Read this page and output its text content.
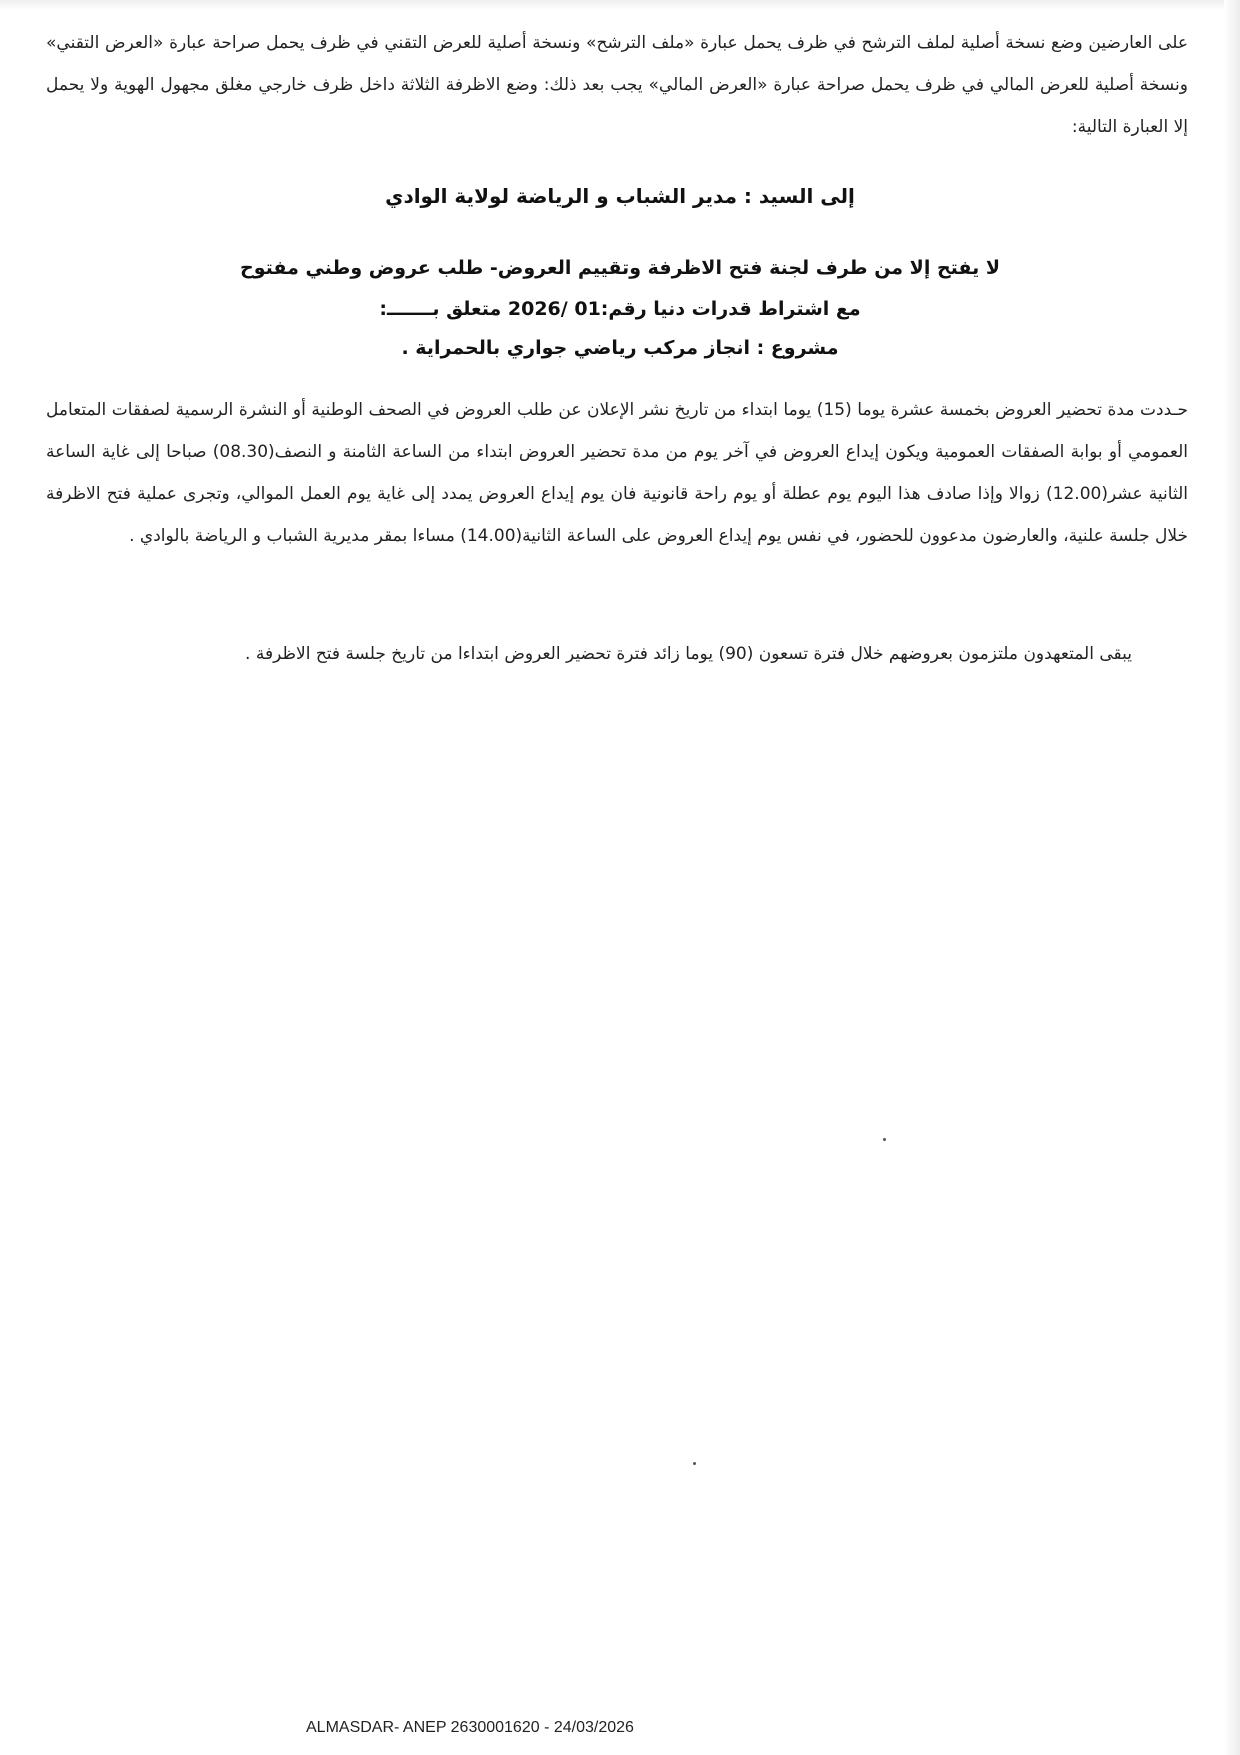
على العارضين وضع نسخة أصلية لملف الترشح في ظرف يحمل عبارة «ملف الترشح» ونسخة أصلية للعرض التقني في ظرف يحمل صراحة عبارة «العرض التقني» ونسخة أصلية للعرض المالي في ظرف يحمل صراحة عبارة «العرض المالي» يجب بعد ذلك: وضع الاظرفة الثلاثة داخل ظرف خارجي مغلق مجهول الهوية ولا يحمل إلا العبارة التالية:

إلى السيد : مدير الشباب و الرياضة لولاية الوادي
لا يفتح إلا من طرف لجنة فتح الاظرفة وتقييم العروض- طلب عروض وطني مفتوح
مع اشتراط قدرات دنيا رقم:01 /2026 متعلق بـــــــ:
مشروع : انجاز مركب رياضي جواري بالحمراية .

حـددت مدة تحضير العروض بخمسة عشرة يوما (15) يوما ابتداء من تاريخ نشر الإعلان عن طلب العروض في الصحف الوطنية أو النشرة الرسمية لصفقات المتعامل العمومي أو بوابة الصفقات العمومية ويكون إيداع العروض في آخر يوم من مدة تحضير العروض ابتداء من الساعة الثامنة و النصف(08.30) صباحا إلى غاية الساعة الثانية عشر(12.00) زوالا وإذا صادف هذا اليوم يوم عطلة أو يوم راحة قانونية فان يوم إيداع العروض يمدد إلى غاية يوم العمل الموالي، وتجرى عملية فتح الاظرفة خلال جلسة علنية، والعارضون مدعوون للحضور، في نفس يوم إيداع العروض على الساعة الثانية(14.00) مساءا بمقر مديرية الشباب و الرياضة بالوادي .

يبقى المتعهدون ملتزمون بعروضهم خلال فترة تسعون (90) يوما زائد فترة تحضير العروض ابتداءا من تاريخ جلسة فتح الاظرفة .

ALMASDAR- ANEP 2630001620 - 24/03/2026
